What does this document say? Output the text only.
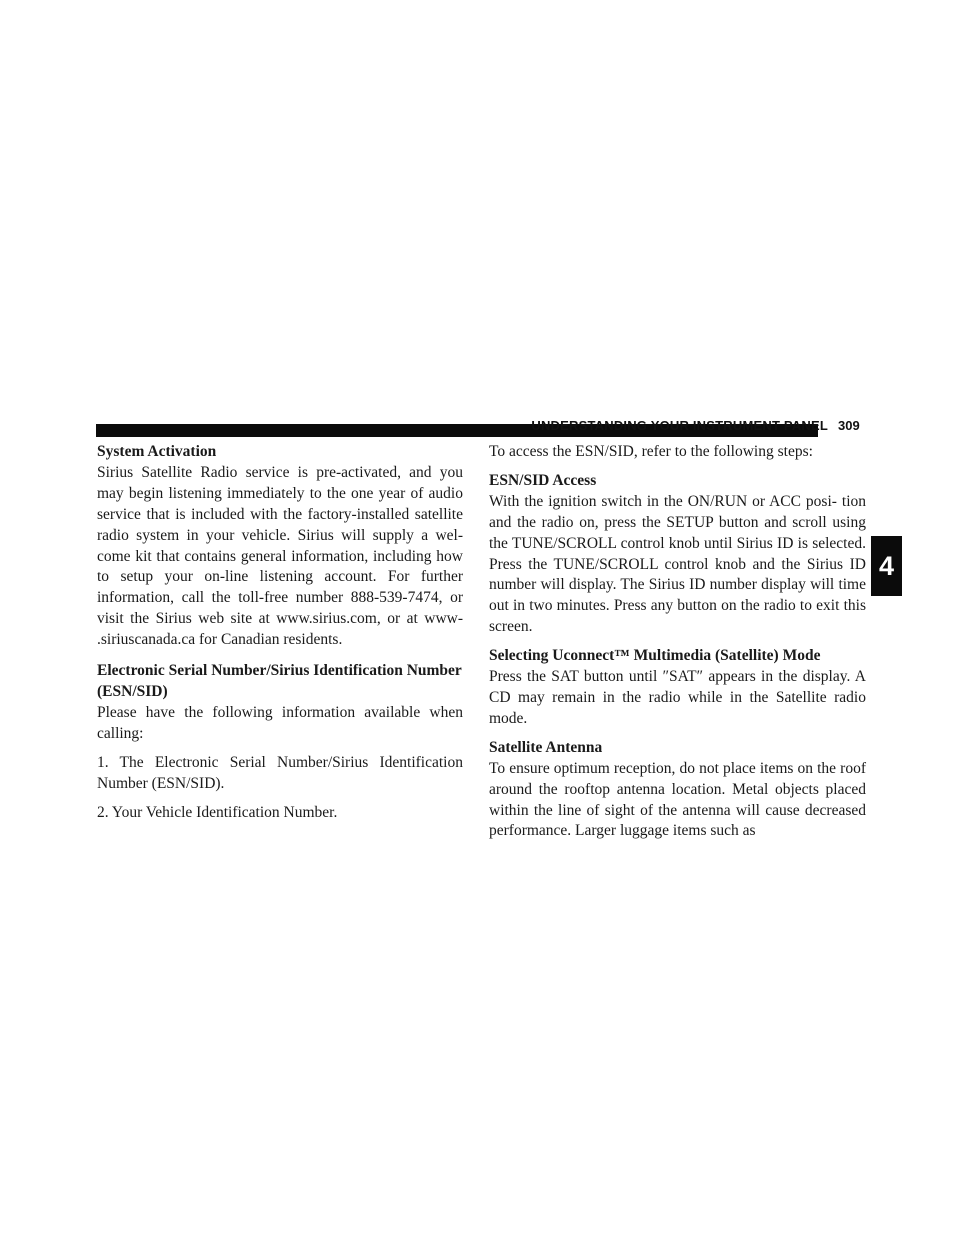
UNDERSTANDING YOUR INSTRUMENT PANEL 309
4
System Activation

Sirius Satellite Radio service is pre-activated, and you may begin listening immediately to the one year of audio service that is included with the factory-installed satellite radio system in your vehicle. Sirius will supply a wel- come kit that contains general information, including how to setup your on-line listening account. For further information, call the toll-free number 888-539-7474, or visit the Sirius web site at www.sirius.com, or at www- .siriuscanada.ca for Canadian residents.

Electronic Serial Number/Sirius Identification Number (ESN/SID)

Please have the following information available when calling:

1. The Electronic Serial Number/Sirius Identification Number (ESN/SID).

2. Your Vehicle Identification Number.

To access the ESN/SID, refer to the following steps:

ESN/SID Access

With the ignition switch in the ON/RUN or ACC posi- tion and the radio on, press the SETUP button and scroll using the TUNE/SCROLL control knob until Sirius ID is selected. Press the TUNE/SCROLL control knob and the Sirius ID number will display. The Sirius ID number display will time out in two minutes. Press any button on the radio to exit this screen.

Selecting Uconnect™ Multimedia (Satellite) Mode

Press the SAT button until ″SAT″ appears in the display. A CD may remain in the radio while in the Satellite radio mode.

Satellite Antenna

To ensure optimum reception, do not place items on the roof around the rooftop antenna location. Metal objects placed within the line of sight of the antenna will cause decreased performance. Larger luggage items such as
